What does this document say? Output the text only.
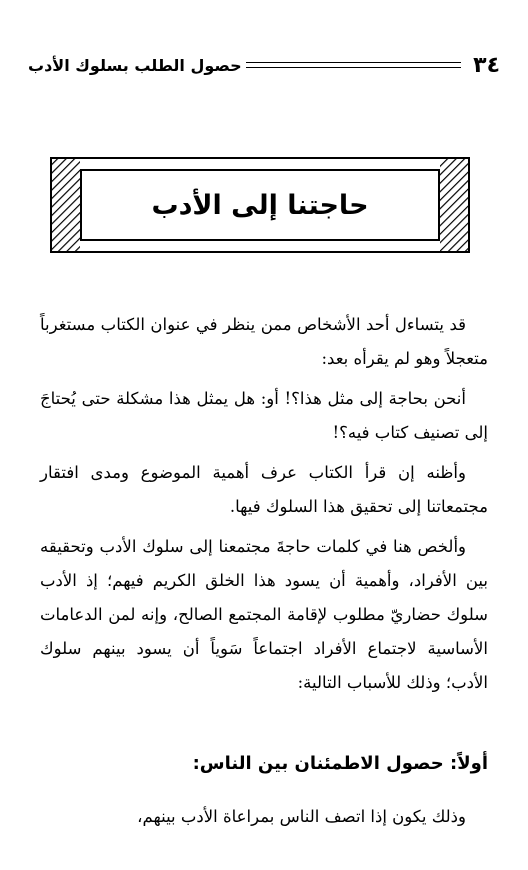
٣٤
حصول الطلب بسلوك الأدب
حاجتنا إلى الأدب

قد يتساءل أحد الأشخاص ممن ينظر في عنوان الكتاب مستغرباً متعجلاً وهو لم يقرأه بعد:

أنحن بحاجة إلى مثل هذا؟! أو: هل يمثل هذا مشكلة حتى يُحتاجَ إلى تصنيف كتاب فيه؟!

وأظنه إن قرأ الكتاب عرف أهمية الموضوع ومدى افتقار مجتمعاتنا إلى تحقيق هذا السلوك فيها.

وألخص هنا في كلمات حاجةَ مجتمعنا إلى سلوك الأدب وتحقيقه بين الأفراد، وأهمية أن يسود هذا الخلق الكريم فيهم؛ إذ الأدب سلوك حضاريّ مطلوب لإقامة المجتمع الصالح، وإنه لمن الدعامات الأساسية لاجتماع الأفراد اجتماعاً سَوياً أن يسود بينهم سلوك الأدب؛ وذلك للأسباب التالية:

أولاً: حصول الاطمئنان بين الناس:
وذلك يكون إذا اتصف الناس بمراعاة الأدب بينهم،
